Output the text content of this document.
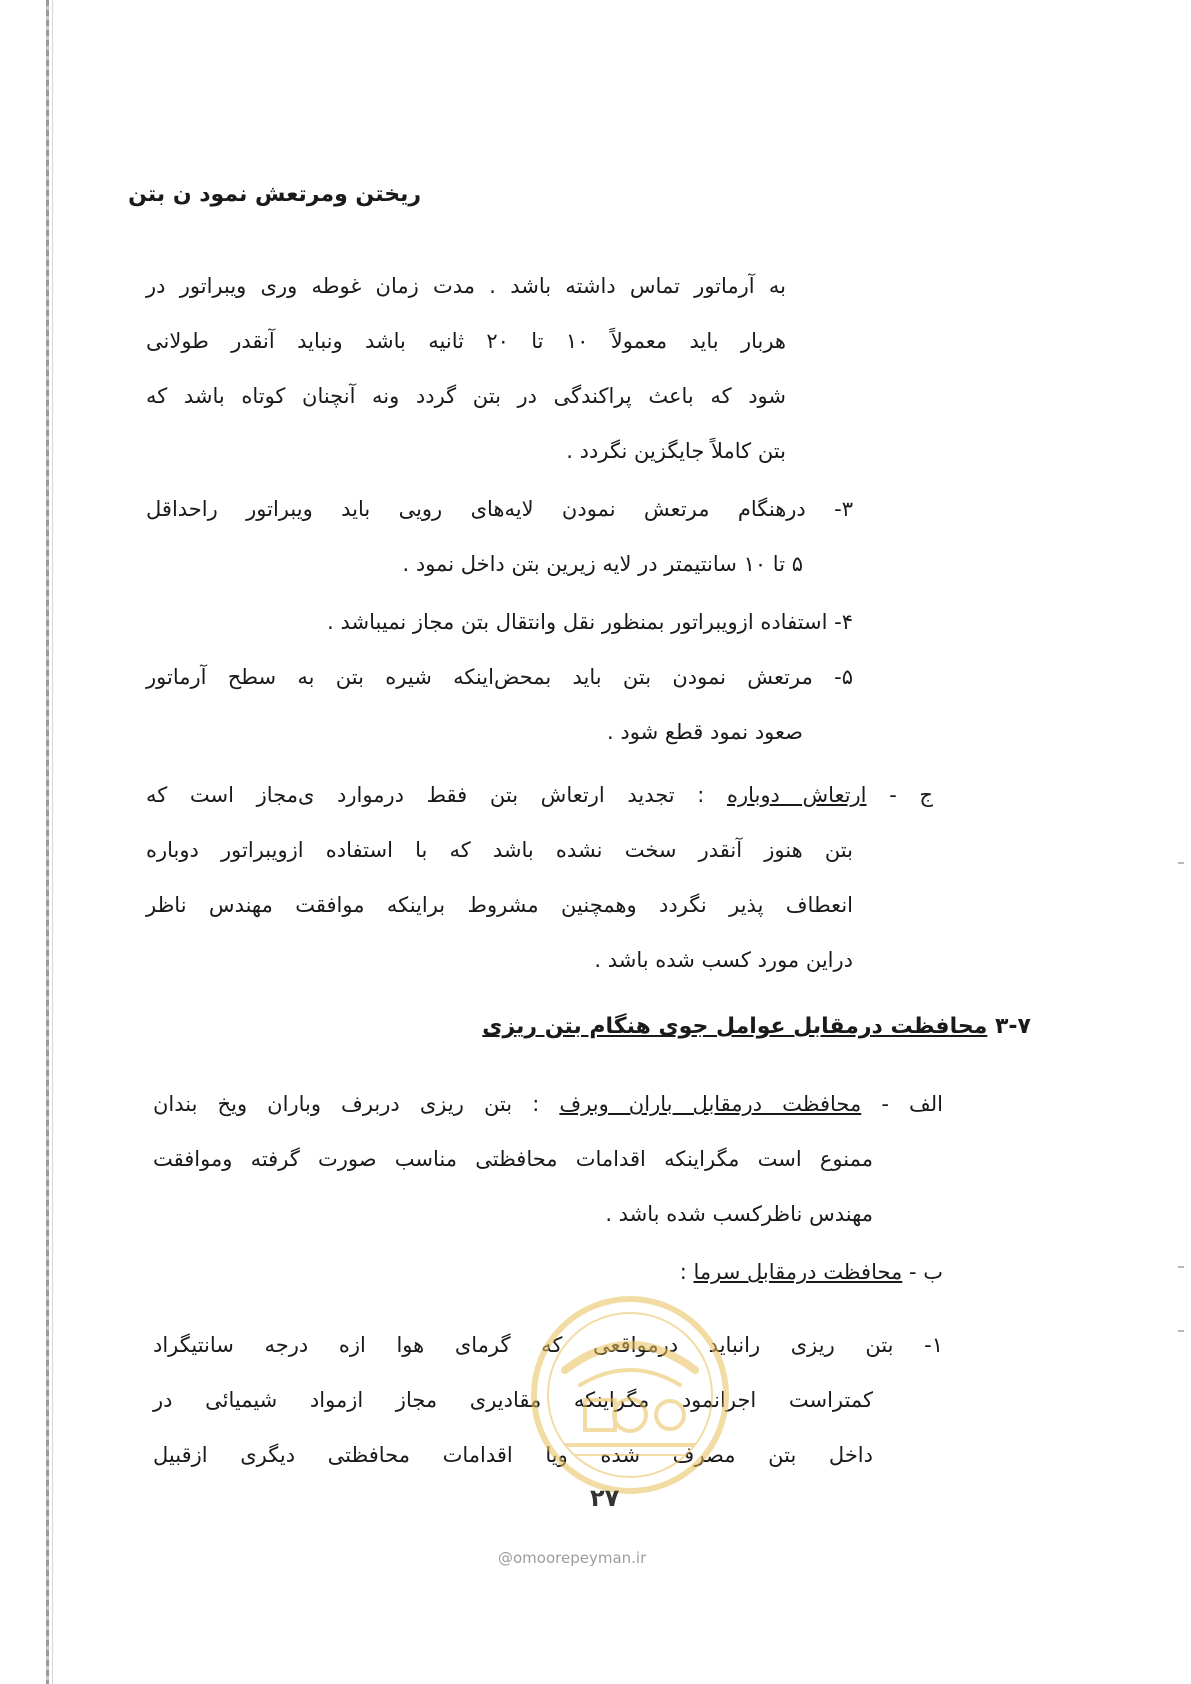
ریختن ومرتعش نمود ن بتن
به آرماتور تماس داشته باشد . مدت زمان غوطه وری ویبراتور در
هربار باید معمولاً ۱۰ تا ۲۰ ثانیه باشد ونباید آنقدر طولانی
شود که باعث پراکندگی در بتن گردد ونه آنچنان کوتاه باشد که
بتن کاملاً جایگزین نگردد .
۳- درهنگام مرتعش نمودن لایه‌های رویی باید ویبراتور راحداقل
۵ تا ۱۰ سانتیمتر در لایه زیرین بتن داخل نمود .
۴- استفاده ازویبراتور بمنظور نقل وانتقال بتن مجاز نمیباشد .
۵- مرتعش نمودن بتن باید بمحض‌اینکه شیره بتن به سطح آرماتور
صعود نمود قطع شود .
ج - ارتعاش دوباره : تجدید ارتعاش بتن فقط درموارد ی‌مجاز است که
بتن هنوز آنقدر سخت نشده باشد که با استفاده ازویبراتور دوباره
انعطاف پذیر نگردد وهمچنین مشروط براینکه موافقت مهندس ناظر
دراین مورد کسب شده باشد .
۳-۷ محافظت درمقابل عوامل جوی هنگام بتن ریزی
الف - محافظت درمقابل باران وبرف : بتن ریزی دربرف وباران ویخ بندان
ممنوع است مگراینکه اقدامات محافظتی مناسب صورت گرفته وموافقت
مهندس ناظرکسب شده باشد .
ب - محافظت درمقابل سرما :
۱- بتن ریزی رانباید درمواقعی که گرمای هوا ازه درجه سانتیگراد
کمتراست اجرانمود مگراینکه مقادیری مجاز ازمواد شیمیائی در
داخل بتن مصرف شده ویا اقدامات محافظتی دیگری ازقبیل
۲۷
@omoorepeyman.ir
